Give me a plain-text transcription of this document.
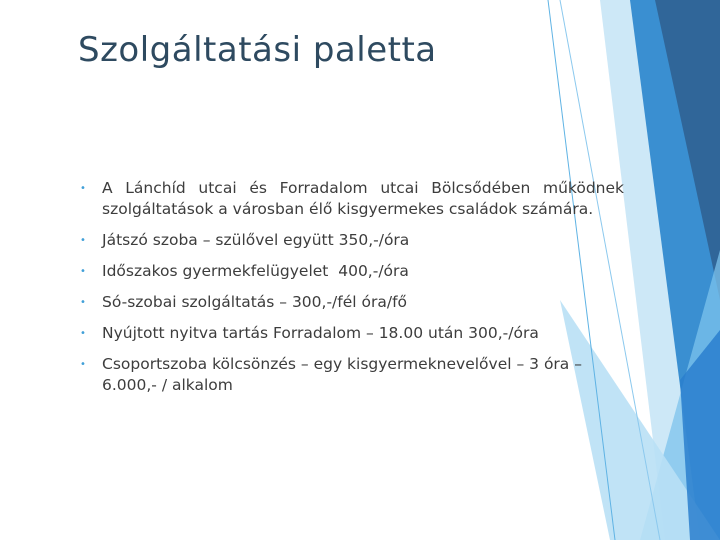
Szolgáltatási paletta
• A Lánchíd utcai és Forradalom utcai Bölcsődében működnek szolgáltatások a városban élő kisgyermekes családok számára.
• Játszó szoba – szülővel együtt 350,-/óra
• Időszakos gyermekfelügyelet  400,-/óra
• Só-szobai szolgáltatás – 300,-/fél óra/fő
• Nyújtott nyitva tartás Forradalom – 18.00 után 300,-/óra
• Csoportszoba kölcsönzés – egy kisgyermeknevelővel – 3 óra – 6.000,- / alkalom
